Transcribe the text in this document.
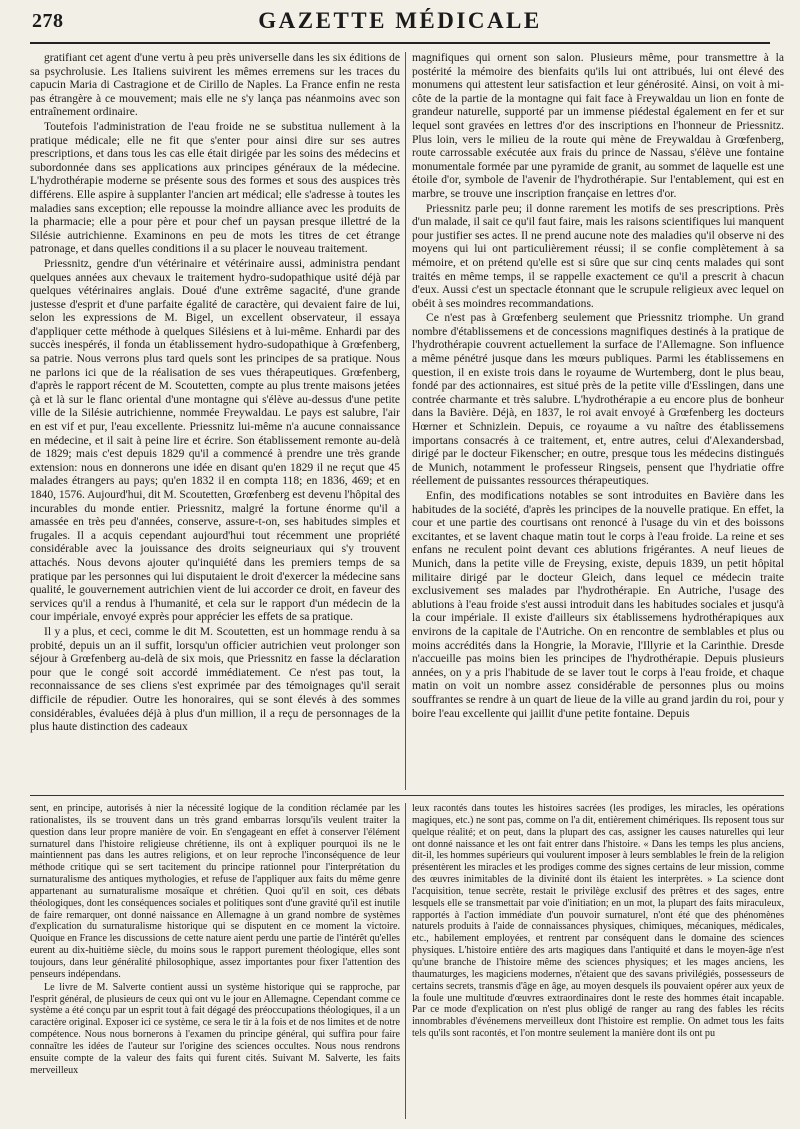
278	GAZETTE MÉDICALE

gratifiant cet agent d'une vertu à peu près universelle dans les six éditions de sa psychrolusie. Les Italiens suivirent les mêmes erremens sur les traces du capucin Maria di Castragione et de Cirillo de Naples. La France enfin ne resta pas étrangère à ce mouvement; mais elle ne s'y lança pas néanmoins avec son entraînement ordinaire.

Toutefois l'administration de l'eau froide ne se substitua nullement à la pratique médicale; elle ne fit que s'enter pour ainsi dire sur ses autres prescriptions, et dans tous les cas elle était dirigée par les soins des médecins et subordonnée dans ses applications aux principes généraux de la médecine. L'hydrothérapie moderne se présente sous des formes et sous des auspices très différens. Elle aspire à supplanter l'ancien art médical; elle s'adresse à toutes les maladies sans exception; elle repousse la moindre alliance avec les produits de la pharmacie; elle a pour père et pour chef un paysan presque illettré de la Silésie autrichienne. Examinons en peu de mots les titres de cet étrange patronage, et dans quelles conditions il a su placer le nouveau traitement.

Priessnitz, gendre d'un vétérinaire et vétérinaire aussi, administra pendant quelques années aux chevaux le traitement hydro-sudopathique usité déjà par quelques vétérinaires anglais. Doué d'une extrême sagacité, d'une grande justesse d'esprit et d'une parfaite égalité de caractère, qui devaient faire de lui, selon les expressions de M. Bigel, un excellent observateur, il essaya d'appliquer cette méthode à quelques Silésiens et à lui-même. Enhardi par des succès inespérés, il fonda un établissement hydro-sudopathique à Grœfenberg, sa patrie. Nous verrons plus tard quels sont les principes de sa pratique. Nous ne parlons ici que de la réalisation de ses vues thérapeutiques. Grœfenberg, d'après le rapport récent de M. Scoutetten, compte au plus trente maisons jetées çà et là sur le flanc oriental d'une montagne qui s'élève au-dessus d'une petite ville de la Silésie autrichienne, nommée Freywaldau. Le pays est salubre, l'air en est vif et pur, l'eau excellente. Priessnitz lui-même n'a aucune connaissance en médecine, et il sait à peine lire et écrire. Son établissement remonte au-delà de 1829; mais c'est depuis 1829 qu'il a commencé à prendre une très grande extension: nous en donnerons une idée en disant qu'en 1829 il ne reçut que 45 malades étrangers au pays; qu'en 1832 il en compta 118; en 1836, 469; et en 1840, 1576. Aujourd'hui, dit M. Scoutetten, Grœfenberg est devenu l'hôpital des incurables du monde entier. Priessnitz, malgré la fortune énorme qu'il a amassée en très peu d'années, conserve, assure-t-on, ses habitudes simples et frugales. Il a acquis cependant aujourd'hui tout récemment une propriété considérable avec la jouissance des droits seigneuriaux qui s'y trouvent attachés. Nous devons ajouter qu'inquiété dans les premiers temps de sa pratique par les personnes qui lui disputaient le droit d'exercer la médecine sans qualité, le gouvernement autrichien vient de lui accorder ce droit, en faveur des services qu'il a rendus à l'humanité, et cela sur le rapport d'un médecin de la cour impériale, envoyé exprès pour apprécier les effets de sa pratique.

Il y a plus, et ceci, comme le dit M. Scoutetten, est un hommage rendu à sa probité, depuis un an il suffit, lorsqu'un officier autrichien veut prolonger son séjour à Grœfenberg au-delà de six mois, que Priessnitz en fasse la déclaration pour que le congé soit accordé immédiatement. Ce n'est pas tout, la reconnaissance de ses cliens s'est exprimée par des témoignages qu'il serait difficile de répudier. Outre les honoraires, qui se sont élevés à des sommes considérables, évaluées déjà à plus d'un million, il a reçu de personnages de la plus haute distinction des cadeaux

magnifiques qui ornent son salon. Plusieurs même, pour transmettre à la postérité la mémoire des bienfaits qu'ils lui ont attribués, lui ont élevé des monumens qui attestent leur satisfaction et leur générosité. Ainsi, on voit à mi-côte de la partie de la montagne qui fait face à Freywaldau un lion en fonte de grandeur naturelle, supporté par un immense piédestal également en fer et sur lequel sont gravées en lettres d'or des inscriptions en l'honneur de Priessnitz. Plus loin, vers le milieu de la route qui mène de Freywaldau à Grœfenberg, route carrossable exécutée aux frais du prince de Nassau, s'élève une fontaine monumentale formée par une pyramide de granit, au sommet de laquelle est une étoile d'or, symbole de l'avenir de l'hydrothérapie. Sur l'entablement, qui est en marbre, se trouve une inscription française en lettres d'or.

Priessnitz parle peu; il donne rarement les motifs de ses prescriptions. Près d'un malade, il sait ce qu'il faut faire, mais les raisons scientifiques lui manquent pour justifier ses actes. Il ne prend aucune note des maladies qu'il observe ni des moyens qui lui ont particulièrement réussi; il se confie complètement à sa mémoire, et on prétend qu'elle est si sûre que sur cinq cents malades qui sont traités en même temps, il se rappelle exactement ce qu'il a prescrit à chacun d'eux. Aussi c'est un spectacle étonnant que le scrupule religieux avec lequel on obéit à ses moindres recommandations.

Ce n'est pas à Grœfenberg seulement que Priessnitz triomphe. Un grand nombre d'établissemens et de concessions magnifiques destinés à la pratique de l'hydrothérapie couvrent actuellement la surface de l'Allemagne. Son influence a même pénétré jusque dans les mœurs publiques. Parmi les établissemens en question, il en existe trois dans le royaume de Wurtemberg, dont le plus beau, fondé par des actionnaires, est situé près de la petite ville d'Esslingen, dans une contrée charmante et très salubre. L'hydrothérapie a eu encore plus de bonheur dans la Bavière. Déjà, en 1837, le roi avait envoyé à Grœfenberg les docteurs Hœrner et Schnizlein. Depuis, ce royaume a vu naître des établissemens importans consacrés à ce traitement, et, entre autres, celui d'Alexandersbad, dirigé par le docteur Fikenscher; en outre, presque tous les médecins distingués de Munich, notamment le professeur Ringseis, pensent que l'hydriatie offre réellement de puissantes ressources thérapeutiques.

Enfin, des modifications notables se sont introduites en Bavière dans les habitudes de la société, d'après les principes de la nouvelle pratique. En effet, la cour et une partie des courtisans ont renoncé à l'usage du vin et des boissons excitantes, et se lavent chaque matin tout le corps à l'eau froide. La reine et ses enfans ne reculent point devant ces ablutions frigérantes. A neuf lieues de Munich, dans la petite ville de Freysing, existe, depuis 1839, un petit hôpital militaire dirigé par le docteur Gleich, dans lequel ce médecin traite exclusivement ses malades par l'hydrothérapie. En Autriche, l'usage des ablutions à l'eau froide s'est aussi introduit dans les habitudes sociales et jusqu'à la cour impériale. Il existe d'ailleurs six établissemens hydrothérapiques aux environs de la capitale de l'Autriche. On en rencontre de semblables et plus ou moins accrédités dans la Hongrie, la Moravie, l'Illyrie et la Carinthie. Dresde n'accueille pas moins bien les principes de l'hydrothérapie. Depuis plusieurs années, on y a pris l'habitude de se laver tout le corps à l'eau froide, et chaque matin on voit un nombre assez considérable de personnes plus ou moins souffrantes se rendre à un quart de lieue de la ville au grand jardin du roi, pour y boire l'eau excellente qui jaillit d'une petite fontaine. Depuis

sent, en principe, autorisés à nier la nécessité logique de la condition réclamée par les rationalistes, ils se trouvent dans un très grand embarras lorsqu'ils veulent traiter la question dans leur propre manière de voir. En s'engageant en effet à conserver l'élément surnaturel dans l'histoire religieuse chrétienne, ils ont à expliquer pourquoi ils ne le maintiennent pas dans les autres religions, et on leur reproche l'inconséquence de leur méthode critique qui se sert tacitement du principe rationnel pour l'interprétation du surnaturalisme des antiques mythologies, et refuse de l'appliquer aux faits du même genre appartenant au surnaturalisme mosaïque et chrétien. Quoi qu'il en soit, ces débats théologiques, dont les conséquences sociales et politiques sont d'une gravité qu'il est inutile de faire remarquer, ont donné naissance en Allemagne à un grand nombre de systèmes d'explication du surnaturalisme historique qui se disputent en ce moment la victoire. Quoique en France les discussions de cette nature aient perdu une partie de l'intérêt qu'elles eurent au dix-huitième siècle, du moins sous le rapport purement théologique, elles sont toujours, dans leur généralité philosophique, assez importantes pour fixer l'attention des penseurs indépendans.

Le livre de M. Salverte contient aussi un système historique qui se rapproche, par l'esprit général, de plusieurs de ceux qui ont vu le jour en Allemagne. Cependant comme ce système a été conçu par un esprit tout à fait dégagé des préoccupations théologiques, il a un caractère original. Exposer ici ce système, ce sera le tir à la fois et de nos limites et de notre compétence. Nous nous bornerons à l'examen du principe général, qui suffira pour faire connaître les idées de l'auteur sur l'origine des sciences occultes. Nous nous rendrons ensuite compte de la valeur des faits qui furent cités. Suivant M. Salverte, les faits merveilleux

leux racontés dans toutes les histoires sacrées (les prodiges, les miracles, les opérations magiques, etc.) ne sont pas, comme on l'a dit, entièrement chimériques. Ils reposent tous sur quelque réalité; et on peut, dans la plupart des cas, assigner les causes naturelles qui leur ont donné naissance et les ont fait entrer dans l'histoire. « Dans les temps les plus anciens, dit-il, les hommes supérieurs qui voulurent imposer à leurs semblables le frein de la religion présentèrent les miracles et les prodiges comme des signes certains de leur mission, comme des œuvres inimitables de la divinité dont ils étaient les interprètes. » La science dont l'acquisition, tenue secrète, restait le privilège exclusif des prêtres et des sages, entre lesquels elle se transmettait par voie d'initiation; en un mot, la plupart des faits miraculeux, rapportés à l'action immédiate d'un pouvoir surnaturel, n'ont été que des phénomènes naturels produits à l'aide de connaissances physiques, chimiques, mécaniques, médicales, etc., habilement employées, et rentrent par conséquent dans le domaine des sciences physiques. L'histoire entière des arts magiques dans l'antiquité et dans le moyen-âge n'est qu'une branche de l'histoire même des sciences physiques; et les mages anciens, les thaumaturges, les magiciens modernes, n'étaient que des savans privilégiés, possesseurs de certains secrets, transmis d'âge en âge, au moyen desquels ils pouvaient opérer aux yeux de la foule une multitude d'œuvres extraordinaires dont le reste des hommes était incapable. Par ce mode d'explication on n'est plus obligé de ranger au rang des fables les récits innombrables d'événemens merveilleux dont l'histoire est remplie. On admet tous les faits tels qu'ils sont racontés, et l'on montre seulement la manière dont ils ont pu
